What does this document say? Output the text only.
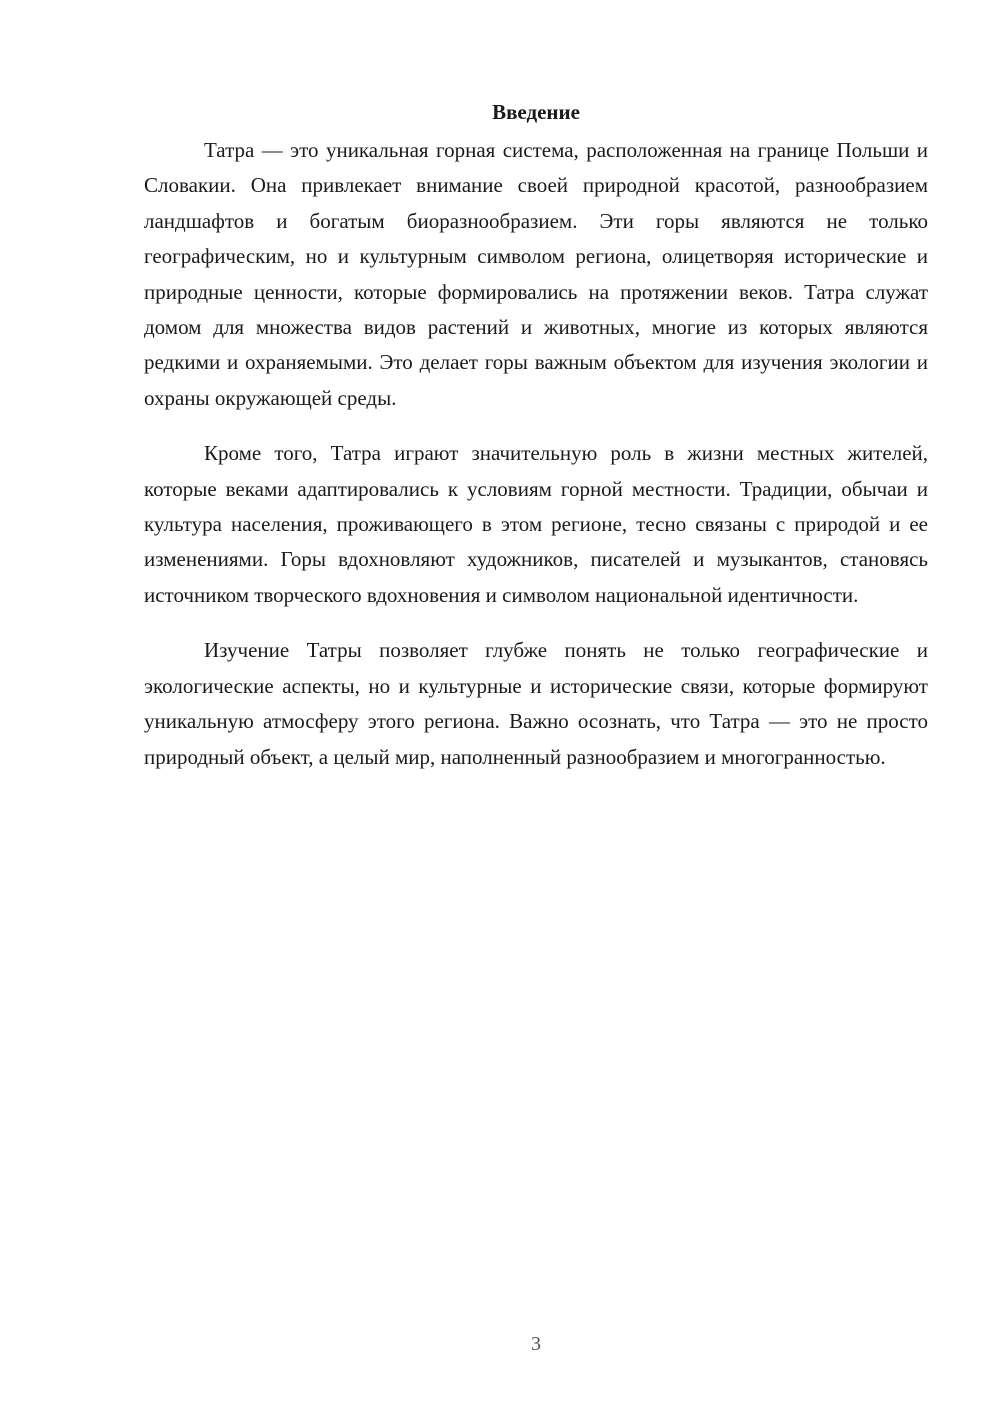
Введение

Татра — это уникальная горная система, расположенная на границе Польши и Словакии. Она привлекает внимание своей природной красотой, разнообразием ландшафтов и богатым биоразнообразием. Эти горы являются не только географическим, но и культурным символом региона, олицетворяя исторические и природные ценности, которые формировались на протяжении веков. Татра служат домом для множества видов растений и животных, многие из которых являются редкими и охраняемыми. Это делает горы важным объектом для изучения экологии и охраны окружающей среды.

Кроме того, Татра играют значительную роль в жизни местных жителей, которые веками адаптировались к условиям горной местности. Традиции, обычаи и культура населения, проживающего в этом регионе, тесно связаны с природой и ее изменениями. Горы вдохновляют художников, писателей и музыкантов, становясь источником творческого вдохновения и символом национальной идентичности.

Изучение Татры позволяет глубже понять не только географические и экологические аспекты, но и культурные и исторические связи, которые формируют уникальную атмосферу этого региона. Важно осознать, что Татра — это не просто природный объект, а целый мир, наполненный разнообразием и многогранностью.

3
